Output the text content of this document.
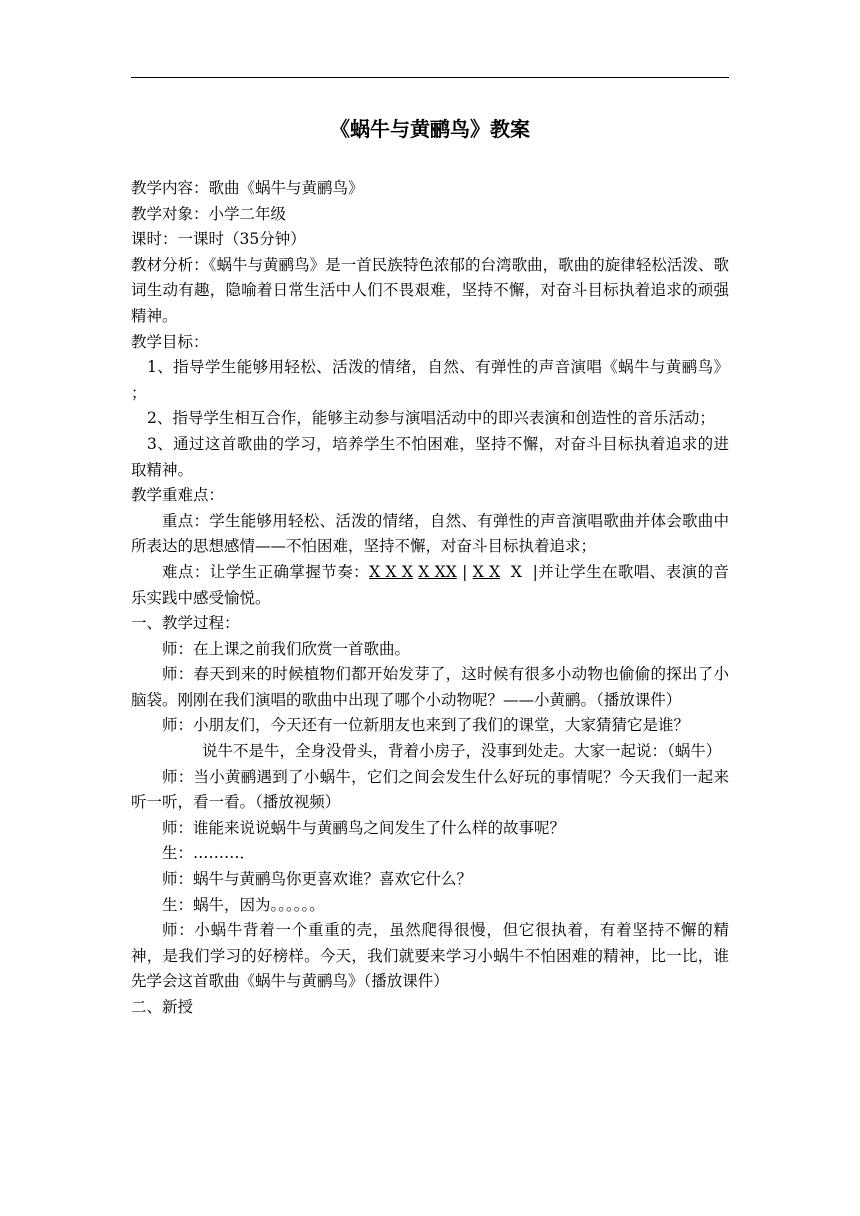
《蜗牛与黄鹂鸟》教案

教学内容：歌曲《蜗牛与黄鹂鸟》

教学对象：小学二年级

课时：一课时（35分钟）

教材分析：《蜗牛与黄鹂鸟》是一首民族特色浓郁的台湾歌曲，歌曲的旋律轻松活泼、歌词生动有趣，隐喻着日常生活中人们不畏艰难，坚持不懈，对奋斗目标执着追求的顽强精神。

教学目标：

1、指导学生能够用轻松、活泼的情绪，自然、有弹性的声音演唱《蜗牛与黄鹂鸟》 ；

2、指导学生相互合作，能够主动参与演唱活动中的即兴表演和创造性的音乐活动；

3、通过这首歌曲的学习，培养学生不怕困难，坚持不懈，对奋斗目标执着追求的进取精神。

教学重难点：

重点：学生能够用轻松、活泼的情绪，自然、有弹性的声音演唱歌曲并体会歌曲中所表达的思想感情——不怕困难，坚持不懈，对奋斗目标执着追求；

难点：让学生正确掌握节奏：X X X X XX | X X  X  |并让学生在歌唱、表演的音乐实践中感受愉悦。

一、教学过程：

师：在上课之前我们欣赏一首歌曲。

师：春天到来的时候植物们都开始发芽了，这时候有很多小动物也偷偷的探出了小脑袋。刚刚在我们演唱的歌曲中出现了哪个小动物呢？——小黄鹂。（播放课件）

师：小朋友们，今天还有一位新朋友也来到了我们的课堂，大家猜猜它是谁？

说牛不是牛，全身没骨头，背着小房子，没事到处走。大家一起说：（蜗牛）

师：当小黄鹂遇到了小蜗牛，它们之间会发生什么好玩的事情呢？今天我们一起来听一听，看一看。（播放视频）

师：谁能来说说蜗牛与黄鹂鸟之间发生了什么样的故事呢？

生：………．

师：蜗牛与黄鹂鸟你更喜欢谁？喜欢它什么？

生：蜗牛，因为。。。。。。

师：小蜗牛背着一个重重的壳，虽然爬得很慢，但它很执着，有着坚持不懈的精神，是我们学习的好榜样。今天，我们就要来学习小蜗牛不怕困难的精神，比一比，谁先学会这首歌曲《蜗牛与黄鹂鸟》（播放课件）

二、新授
